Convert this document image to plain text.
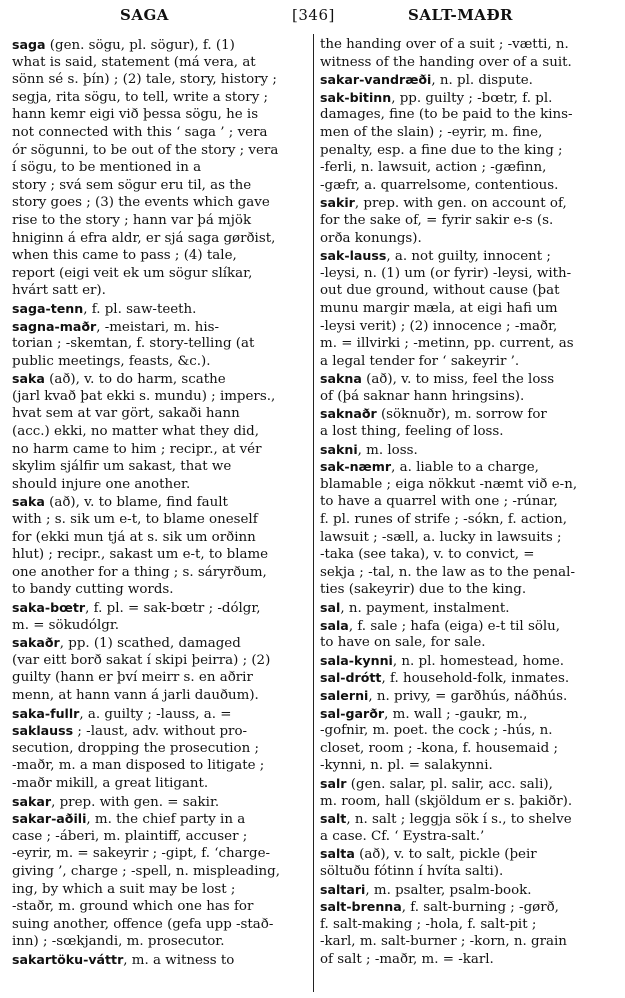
SAGA	[346]	SALT-MAÐR
saga (gen. sögu, pl. sögur), f. (1)
what is said, statement (má vera, at
sönn sé s. þín) ; (2) tale, story, history ;
segja, rita sögu, to tell, write a story ;
hann kemr eigi við þessa sögu, he is
not connected with this ‘ saga ’ ; vera
ór sögunni, to be out of the story ; vera
í sögu, to be mentioned in a
story ; svá sem sögur eru til, as the
story goes ; (3) the events which gave
rise to the story ; hann var þá mjök
hniginn á efra aldr, er sjá saga gørðist,
when this came to pass ; (4) tale,
report (eigi veit ek um sögur slíkar,
hvárt satt er).
saga-tenn, f. pl. saw-teeth.
sagna-maðr, -meistari, m. his-
torian ; -skemtan, f. story-telling (at
public meetings, feasts, &c.).
saka (að), v. to do harm, scathe
(jarl kvað þat ekki s. mundu) ; impers.,
hvat sem at var gört, sakaði hann
(acc.) ekki, no matter what they did,
no harm came to him ; recipr., at vér
skylim sjálfir um sakast, that we
should injure one another.
saka (að), v. to blame, find fault
with ; s. sik um e-t, to blame oneself
for (ekki mun tjá at s. sik um orðinn
hlut) ; recipr., sakast um e-t, to blame
one another for a thing ; s. sáryrðum,
to bandy cutting words.
saka-bœtr, f. pl. = sak-bœtr ; -dólgr,
m. = sökudólgr.
sakaðr, pp. (1) scathed, damaged
(var eitt borð sakat í skipi þeirra) ; (2)
guilty (hann er því meirr s. en aðrir
menn, at hann vann á jarli dauðum).
saka-fullr, a. guilty ; -lauss, a. =
saklauss ; -laust, adv. without pro-
secution, dropping the prosecution ;
-maðr, m. a man disposed to litigate ;
-maðr mikill, a great litigant.
sakar, prep. with gen. = sakir.
sakar-aðili, m. the chief party in a
case ; -áberi, m. plaintiff, accuser ;
-eyrir, m. = sakeyrir ; -gipt, f. ‘charge-
giving ’, charge ; -spell, n. mispleading,
ing, by which a suit may be lost ;
-staðr, m. ground which one has for
suing another, offence (gefa upp -stað-
inn) ; -sœkjandi, m. prosecutor.
sakartöku-váttr, m. a witness to
the handing over of a suit ; -vætti, n.
witness of the handing over of a suit.
sakar-vandræði, n. pl. dispute.
sak-bitinn, pp. guilty ; -bœtr, f. pl.
damages, fine (to be paid to the kins-
men of the slain) ; -eyrir, m. fine,
penalty, esp. a fine due to the king ;
-ferli, n. lawsuit, action ; -gæfinn,
-gæfr, a. quarrelsome, contentious.
sakir, prep. with gen. on account of,
for the sake of, = fyrir sakir e-s (s.
orða konungs).
sak-lauss, a. not guilty, innocent ;
-leysi, n. (1) um (or fyrir) -leysi, with-
out due ground, without cause (þat
munu margir mæla, at eigi hafi um
-leysi verit) ; (2) innocence ; -maðr,
m. = illvirki ; -metinn, pp. current, as
a legal tender for ‘ sakeyrir ’.
sakna (að), v. to miss, feel the loss
of (þá saknar hann hringsins).
saknaðr (söknuðr), m. sorrow for
a lost thing, feeling of loss.
sakni, m. loss.
sak-næmr, a. liable to a charge,
blamable ; eiga nökkut -næmt við e-n,
to have a quarrel with one ; -rúnar,
f. pl. runes of strife ; -sókn, f. action,
lawsuit ; -sæll, a. lucky in lawsuits ;
-taka (see taka), v. to convict, =
sekja ; -tal, n. the law as to the penal-
ties (sakeyrir) due to the king.
sal, n. payment, instalment.
sala, f. sale ; hafa (eiga) e-t til sölu,
to have on sale, for sale.
sala-kynni, n. pl. homestead, home.
sal-drótt, f. household-folk, inmates.
salerni, n. privy, = garðhús, náðhús.
sal-garðr, m. wall ; -gaukr, m.,
-gofnir, m. poet. the cock ; -hús, n.
closet, room ; -kona, f. housemaid ;
-kynni, n. pl. = salakynni.
salr (gen. salar, pl. salir, acc. sali),
m. room, hall (skjöldum er s. þakiðr).
salt, n. salt ; leggja sök í s., to shelve
a case. Cf. ‘ Eystra-salt.’
salta (að), v. to salt, pickle (þeir
söltuðu fótinn í hvíta salti).
saltari, m. psalter, psalm-book.
salt-brenna, f. salt-burning ; -gørð,
f. salt-making ; -hola, f. salt-pit ;
-karl, m. salt-burner ; -korn, n. grain
of salt ; -maðr, m. = -karl.
